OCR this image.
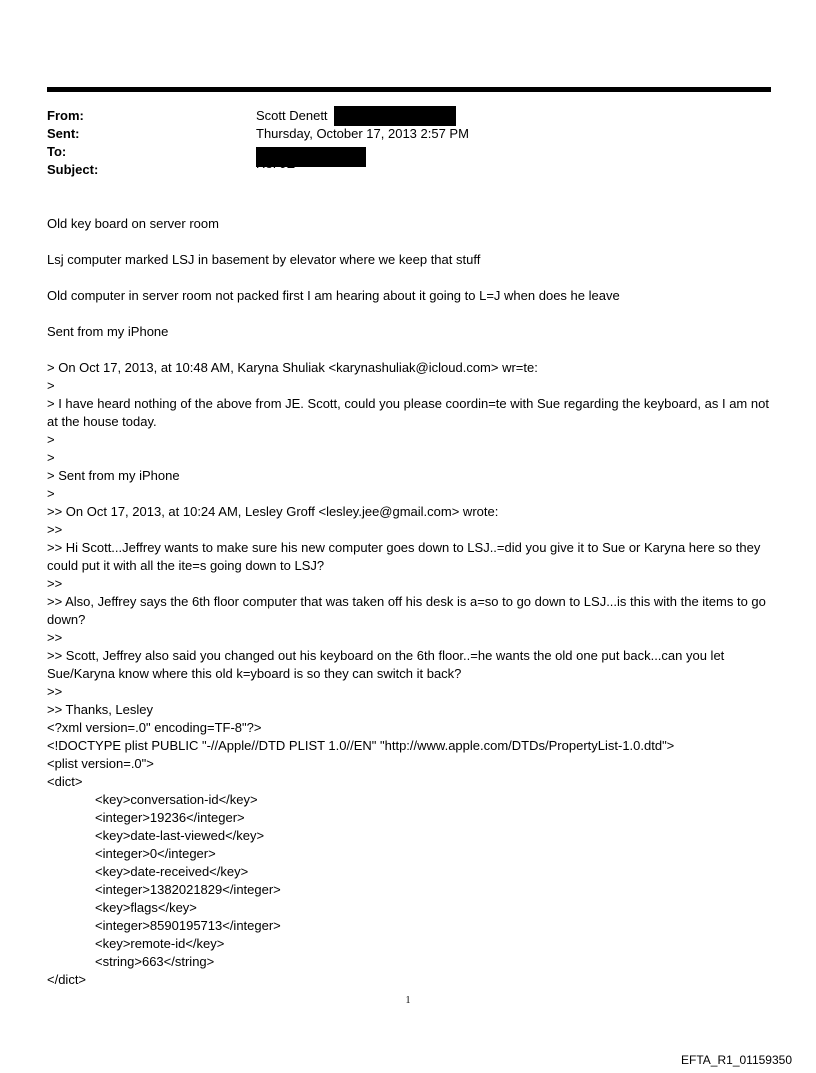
From:	Scott Denett
Sent:	Thursday, October 17, 2013 2:57 PM
To:
Subject:	Re: JE

Old key board on server room

Lsj computer marked LSJ in basement by elevator where we keep that stuff

Old computer in server room not packed first I am hearing about it going to L=J when does he leave

Sent from my iPhone

> On Oct 17, 2013, at 10:48 AM, Karyna Shuliak <karynashuliak@icloud.com> wr=te:

>

> I have heard nothing of the above from JE. Scott, could you please coordin=te with Sue regarding the keyboard, as I am not at the house today.

>

>

> Sent from my iPhone

>

>> On Oct 17, 2013, at 10:24 AM, Lesley Groff <lesley.jee@gmail.com> wrote:

>>

>> Hi Scott...Jeffrey wants to make sure his new computer goes down to LSJ..=did you give it to Sue or Karyna here so they could put it with all the ite=s going down to LSJ?

>>

>> Also, Jeffrey says the 6th floor computer that was taken off his desk is a=so to go down to LSJ...is this with the items to go down?

>>

>> Scott, Jeffrey also said you changed out his keyboard on the 6th floor..=he wants the old one put back...can you let Sue/Karyna know where this old k=yboard is so they can switch it back?

>>

>> Thanks, Lesley

<?xml version=.0" encoding=TF-8"?>

<!DOCTYPE plist PUBLIC "-//Apple//DTD PLIST 1.0//EN" "http://www.apple.com/DTDs/PropertyList-1.0.dtd">

<plist version=.0">

<dict>

<key>conversation-id</key>

<integer>19236</integer>

<key>date-last-viewed</key>

<integer>0</integer>

<key>date-received</key>

<integer>1382021829</integer>

<key>flags</key>

<integer>8590195713</integer>

<key>remote-id</key>

<string>663</string>

</dict>

1
EFTA_R1_01159350
